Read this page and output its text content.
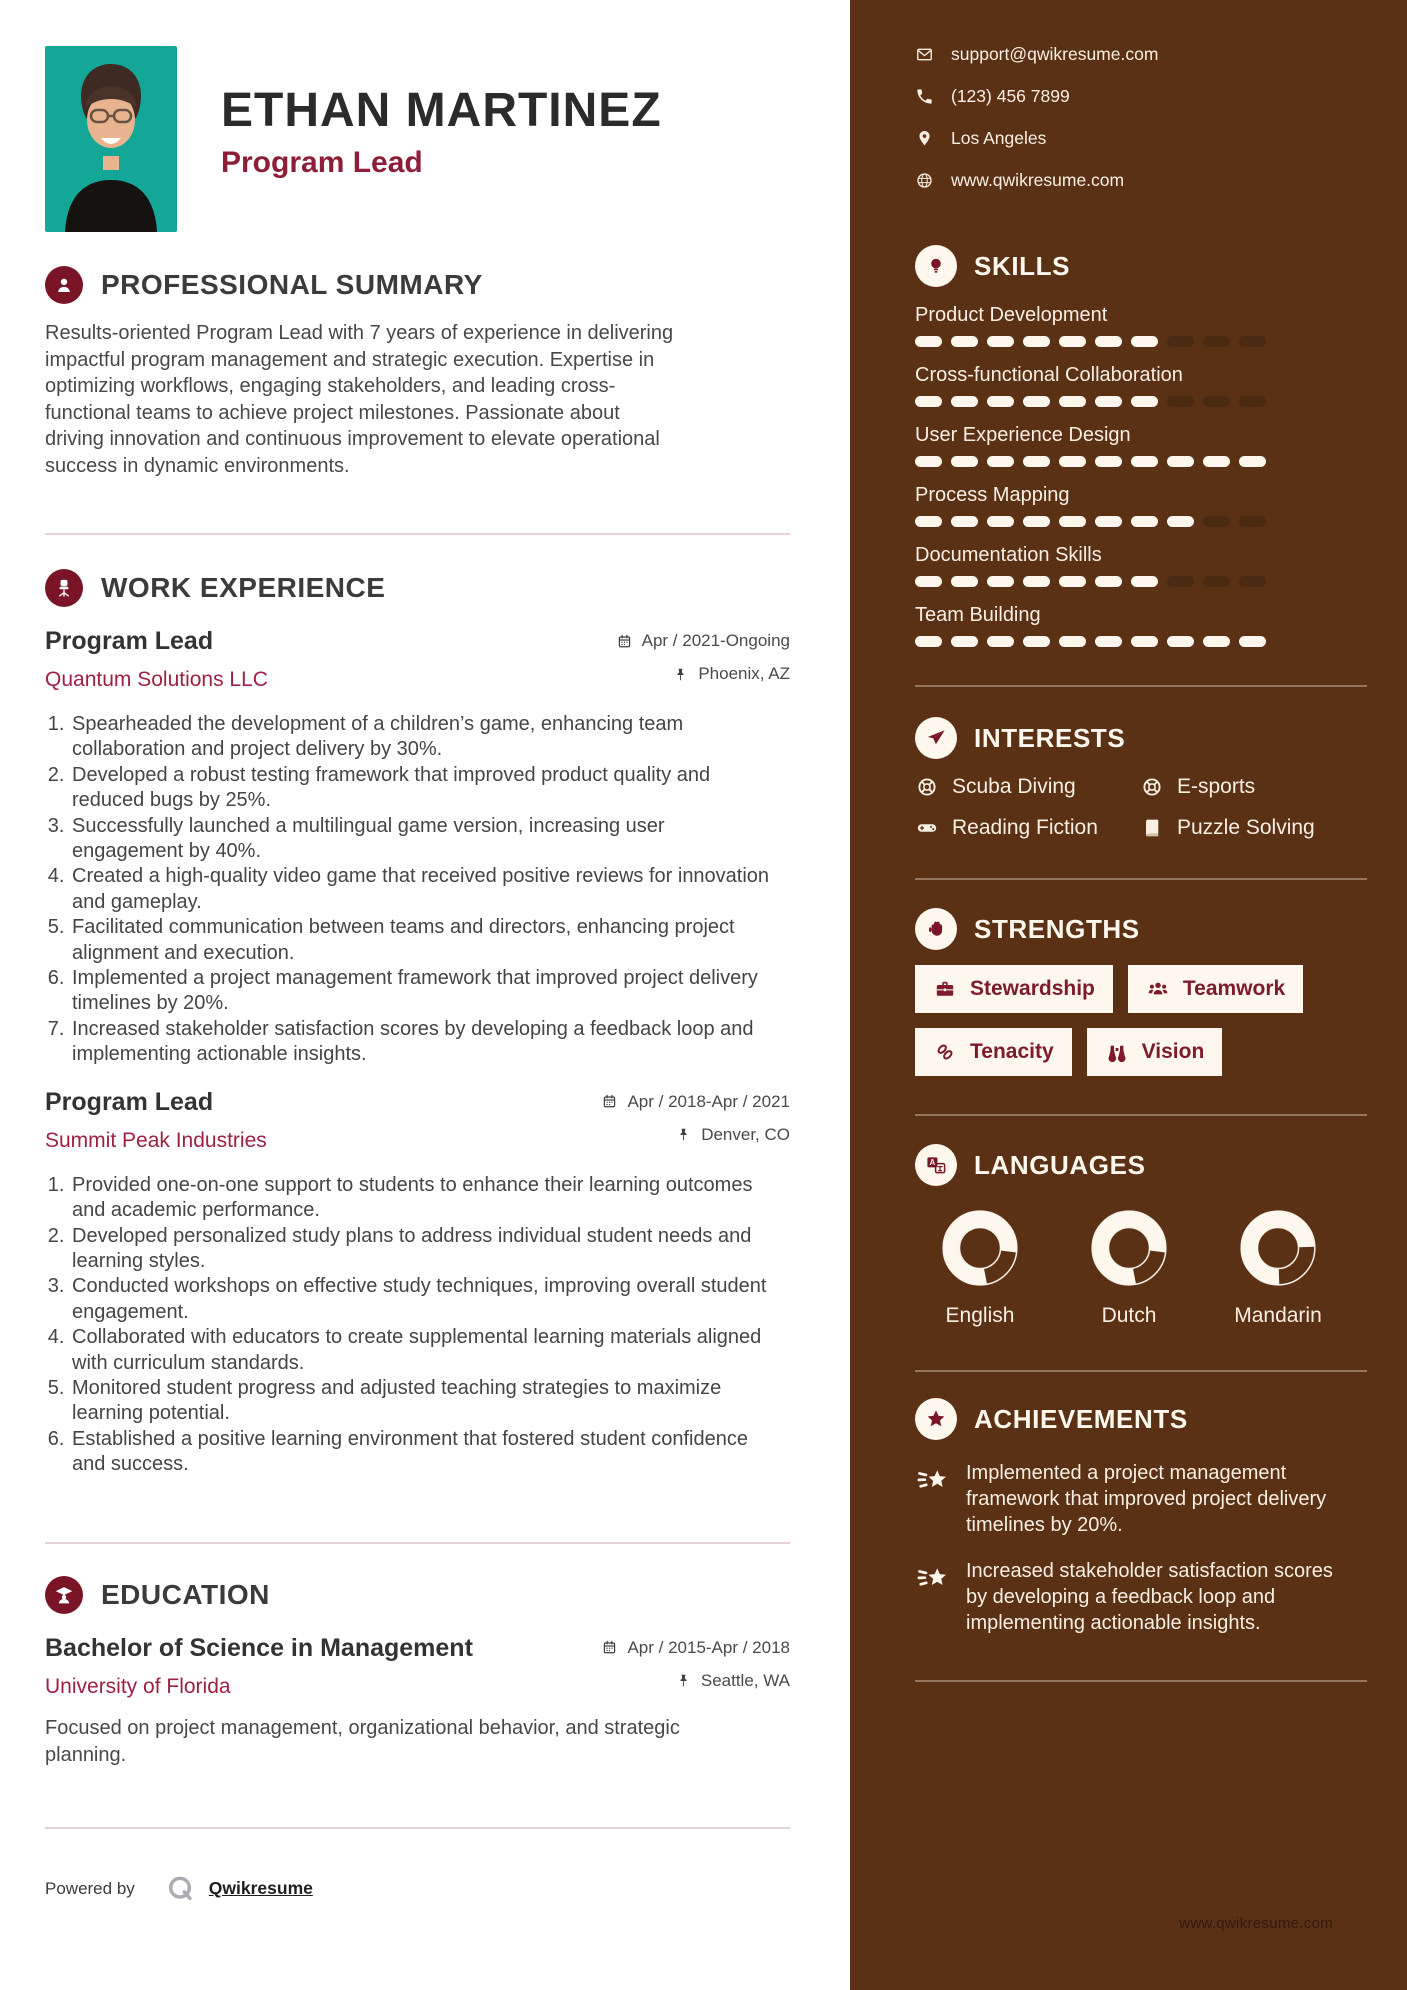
ETHAN MARTINEZ
Program Lead
PROFESSIONAL SUMMARY
Results-oriented Program Lead with 7 years of experience in delivering impactful program management and strategic execution. Expertise in optimizing workflows, engaging stakeholders, and leading cross-functional teams to achieve project milestones. Passionate about driving innovation and continuous improvement to elevate operational success in dynamic environments.
WORK EXPERIENCE
Program Lead
Quantum Solutions LLC
Apr / 2021-Ongoing
Phoenix, AZ
1. Spearheaded the development of a children’s game, enhancing team collaboration and project delivery by 30%.
2. Developed a robust testing framework that improved product quality and reduced bugs by 25%.
3. Successfully launched a multilingual game version, increasing user engagement by 40%.
4. Created a high-quality video game that received positive reviews for innovation and gameplay.
5. Facilitated communication between teams and directors, enhancing project alignment and execution.
6. Implemented a project management framework that improved project delivery timelines by 20%.
7. Increased stakeholder satisfaction scores by developing a feedback loop and implementing actionable insights.
Program Lead
Summit Peak Industries
Apr / 2018-Apr / 2021
Denver, CO
1. Provided one-on-one support to students to enhance their learning outcomes and academic performance.
2. Developed personalized study plans to address individual student needs and learning styles.
3. Conducted workshops on effective study techniques, improving overall student engagement.
4. Collaborated with educators to create supplemental learning materials aligned with curriculum standards.
5. Monitored student progress and adjusted teaching strategies to maximize learning potential.
6. Established a positive learning environment that fostered student confidence and success.
EDUCATION
Bachelor of Science in Management
University of Florida
Apr / 2015-Apr / 2018
Seattle, WA
Focused on project management, organizational behavior, and strategic planning.
Powered by	Qwikresume
support@qwikresume.com
(123) 456 7899
Los Angeles
www.qwikresume.com
SKILLS
Product Development
Cross-functional Collaboration
User Experience Design
Process Mapping
Documentation Skills
Team Building
INTERESTS
Scuba Diving	E-sports
Reading Fiction	Puzzle Solving
STRENGTHS
Stewardship	Teamwork
Tenacity	Vision
LANGUAGES
English	Dutch	Mandarin
ACHIEVEMENTS
Implemented a project management framework that improved project delivery timelines by 20%.
Increased stakeholder satisfaction scores by developing a feedback loop and implementing actionable insights.
www.qwikresume.com
